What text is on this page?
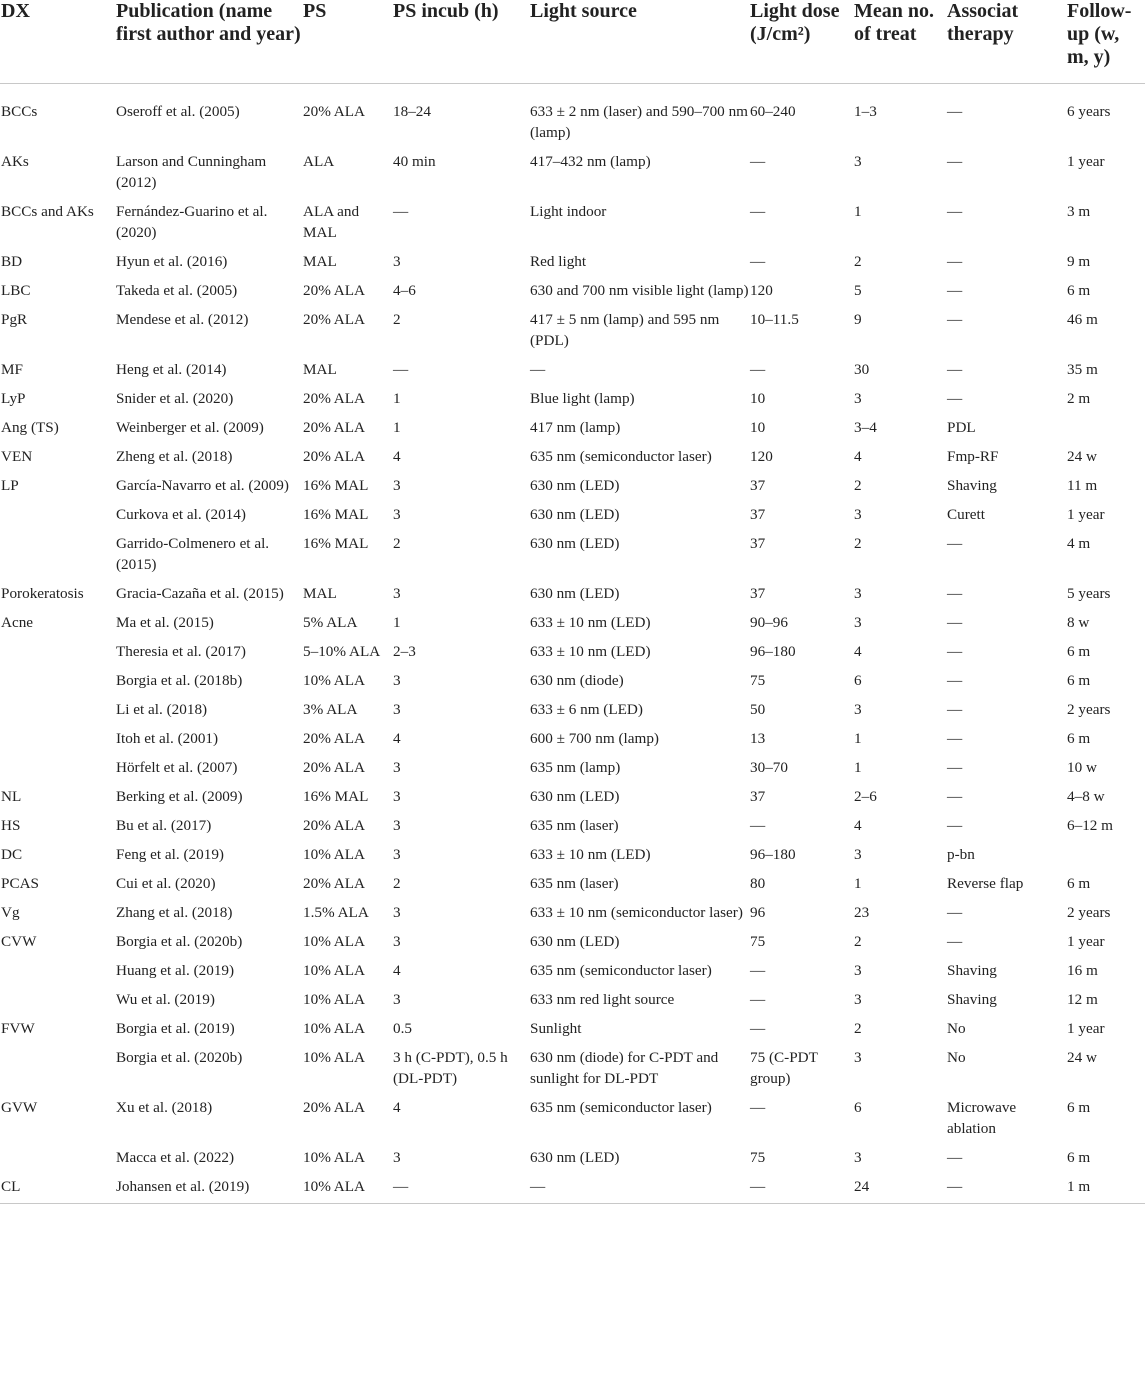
DX	Publication (name first author and year)	PS	PS incub (h)	Light source	Light dose (J/cm²)	Mean no. of treat	Associat therapy	Follow-up (w, m, y)
BCCs	Oseroff et al. (2005)	20% ALA	18–24	633 ± 2 nm (laser) and 590–700 nm (lamp)	60–240	1–3	—	6 years
AKs	Larson and Cunningham (2012)	ALA	40 min	417–432 nm (lamp)	—	3	—	1 year
BCCs and AKs	Fernández-Guarino et al. (2020)	ALA and MAL	—	Light indoor	—	1	—	3 m
BD	Hyun et al. (2016)	MAL	3	Red light	—	2	—	9 m
LBC	Takeda et al. (2005)	20% ALA	4–6	630 and 700 nm visible light (lamp)	120	5	—	6 m
PgR	Mendese et al. (2012)	20% ALA	2	417 ± 5 nm (lamp) and 595 nm (PDL)	10–11.5	9	—	46 m
MF	Heng et al. (2014)	MAL	—	—	—	30	—	35 m
LyP	Snider et al. (2020)	20% ALA	1	Blue light (lamp)	10	3	—	2 m
Ang (TS)	Weinberger et al. (2009)	20% ALA	1	417 nm (lamp)	10	3–4	PDL	
VEN	Zheng et al. (2018)	20% ALA	4	635 nm (semiconductor laser)	120	4	Fmp-RF	24 w
LP	García-Navarro et al. (2009)	16% MAL	3	630 nm (LED)	37	2	Shaving	11 m
	Curkova et al. (2014)	16% MAL	3	630 nm (LED)	37	3	Curett	1 year
	Garrido-Colmenero et al. (2015)	16% MAL	2	630 nm (LED)	37	2	—	4 m
Porokeratosis	Gracia-Cazaña et al. (2015)	MAL	3	630 nm (LED)	37	3	—	5 years
Acne	Ma et al. (2015)	5% ALA	1	633 ± 10 nm (LED)	90–96	3	—	8 w
	Theresia et al. (2017)	5–10% ALA	2–3	633 ± 10 nm (LED)	96–180	4	—	6 m
	Borgia et al. (2018b)	10% ALA	3	630 nm (diode)	75	6	—	6 m
	Li et al. (2018)	3% ALA	3	633 ± 6 nm (LED)	50	3	—	2 years
	Itoh et al. (2001)	20% ALA	4	600 ± 700 nm (lamp)	13	1	—	6 m
	Hörfelt et al. (2007)	20% ALA	3	635 nm (lamp)	30–70	1	—	10 w
NL	Berking et al. (2009)	16% MAL	3	630 nm (LED)	37	2–6	—	4–8 w
HS	Bu et al. (2017)	20% ALA	3	635 nm (laser)	—	4	—	6–12 m
DC	Feng et al. (2019)	10% ALA	3	633 ± 10 nm (LED)	96–180	3	p-bn	
PCAS	Cui et al. (2020)	20% ALA	2	635 nm (laser)	80	1	Reverse flap	6 m
Vg	Zhang et al. (2018)	1.5% ALA	3	633 ± 10 nm (semiconductor laser)	96	23	—	2 years
CVW	Borgia et al. (2020b)	10% ALA	3	630 nm (LED)	75	2	—	1 year
	Huang et al. (2019)	10% ALA	4	635 nm (semiconductor laser)	—	3	Shaving	16 m
	Wu et al. (2019)	10% ALA	3	633 nm red light source	—	3	Shaving	12 m
FVW	Borgia et al. (2019)	10% ALA	0.5	Sunlight	—	2	No	1 year
	Borgia et al. (2020b)	10% ALA	3 h (C-PDT), 0.5 h (DL-PDT)	630 nm (diode) for C-PDT and sunlight for DL-PDT	75 (C-PDT group)	3	No	24 w
GVW	Xu et al. (2018)	20% ALA	4	635 nm (semiconductor laser)	—	6	Microwave ablation	6 m
	Macca et al. (2022)	10% ALA	3	630 nm (LED)	75	3	—	6 m
CL	Johansen et al. (2019)	10% ALA	—	—	—	24	—	1 m
